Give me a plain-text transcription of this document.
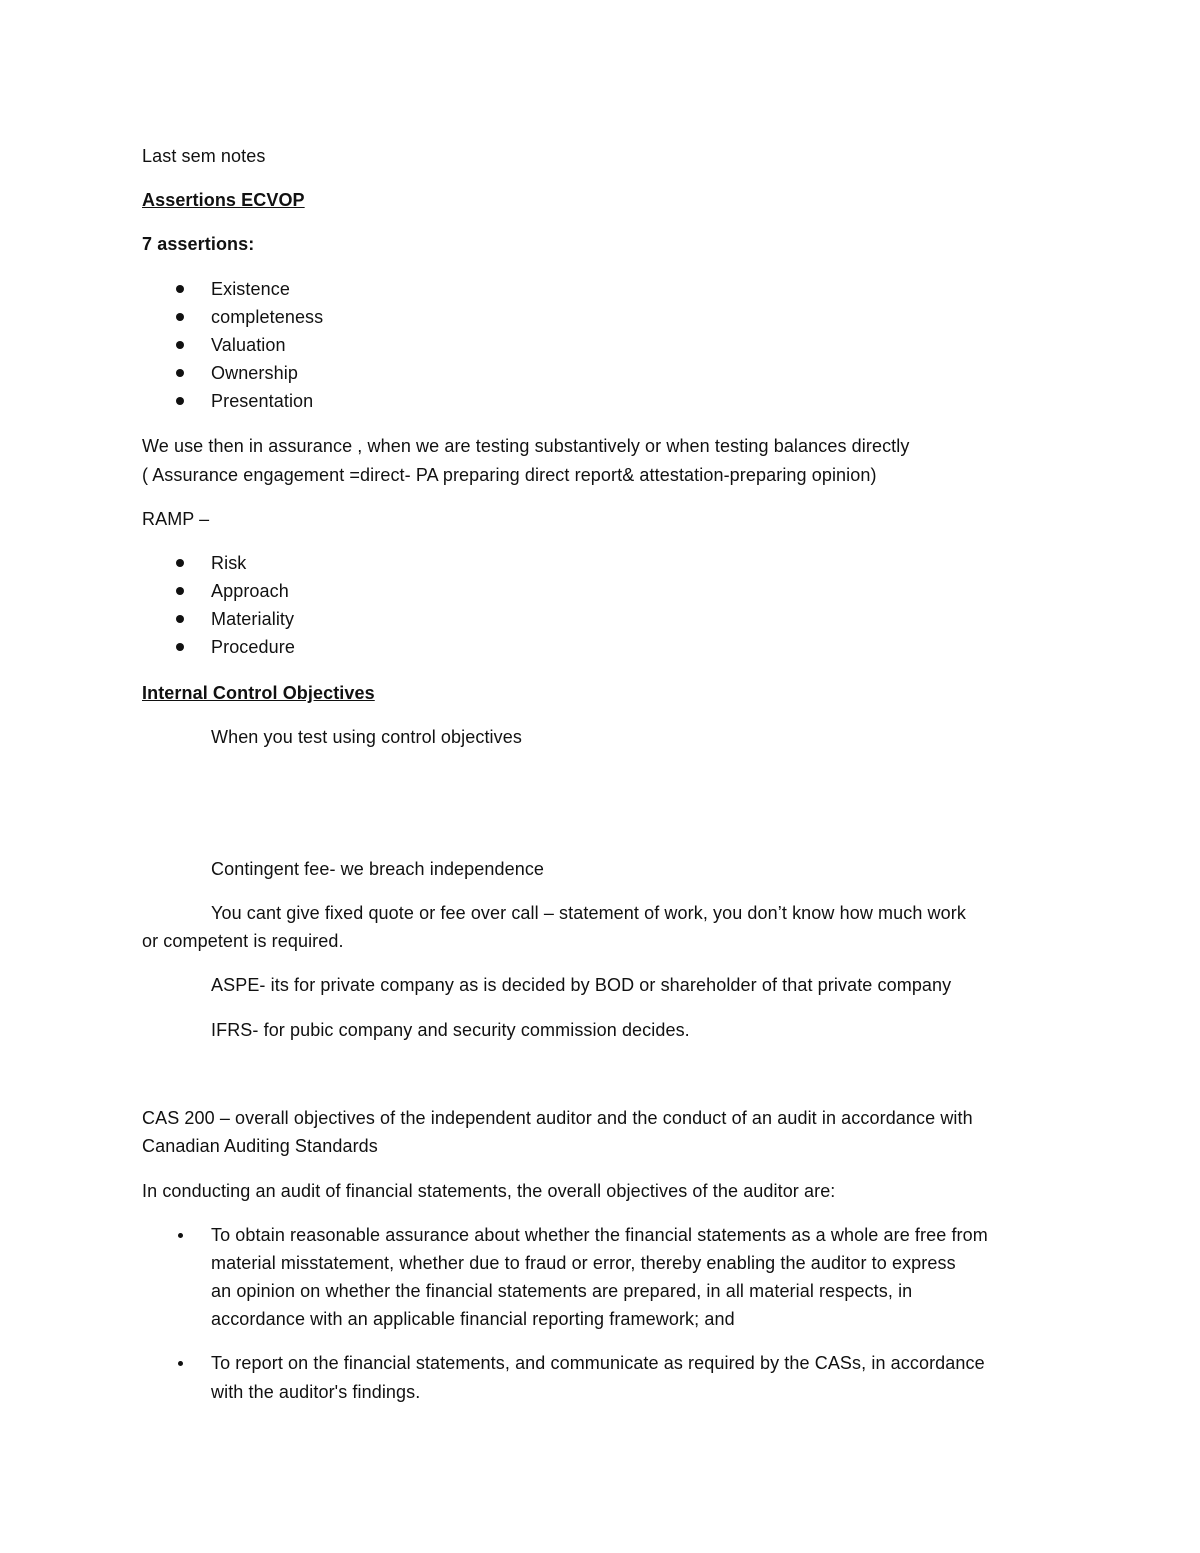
Last sem notes
Assertions ECVOP
7 assertions:
Existence
completeness
Valuation
Ownership
Presentation
We use then in assurance , when we are testing substantively or when testing balances directly
( Assurance engagement =direct- PA preparing direct report& attestation-preparing opinion)
RAMP –
Risk
Approach
Materiality
Procedure
Internal Control Objectives
When you test using control objectives
Contingent fee- we breach independence
You cant give fixed quote or fee over call – statement of work, you don’t know how much work
or competent is required.
ASPE- its for private company as is decided by BOD or shareholder of that private company
IFRS- for pubic company and security commission decides.
CAS 200 – overall objectives of the independent auditor and the conduct of an audit in accordance with
Canadian Auditing Standards
In conducting an audit of financial statements, the overall objectives of the auditor are:
To obtain reasonable assurance about whether the financial statements as a whole are free from
material misstatement, whether due to fraud or error, thereby enabling the auditor to express
an opinion on whether the financial statements are prepared, in all material respects, in
accordance with an applicable financial reporting framework; and
To report on the financial statements, and communicate as required by the CASs, in accordance
with the auditor's findings.
